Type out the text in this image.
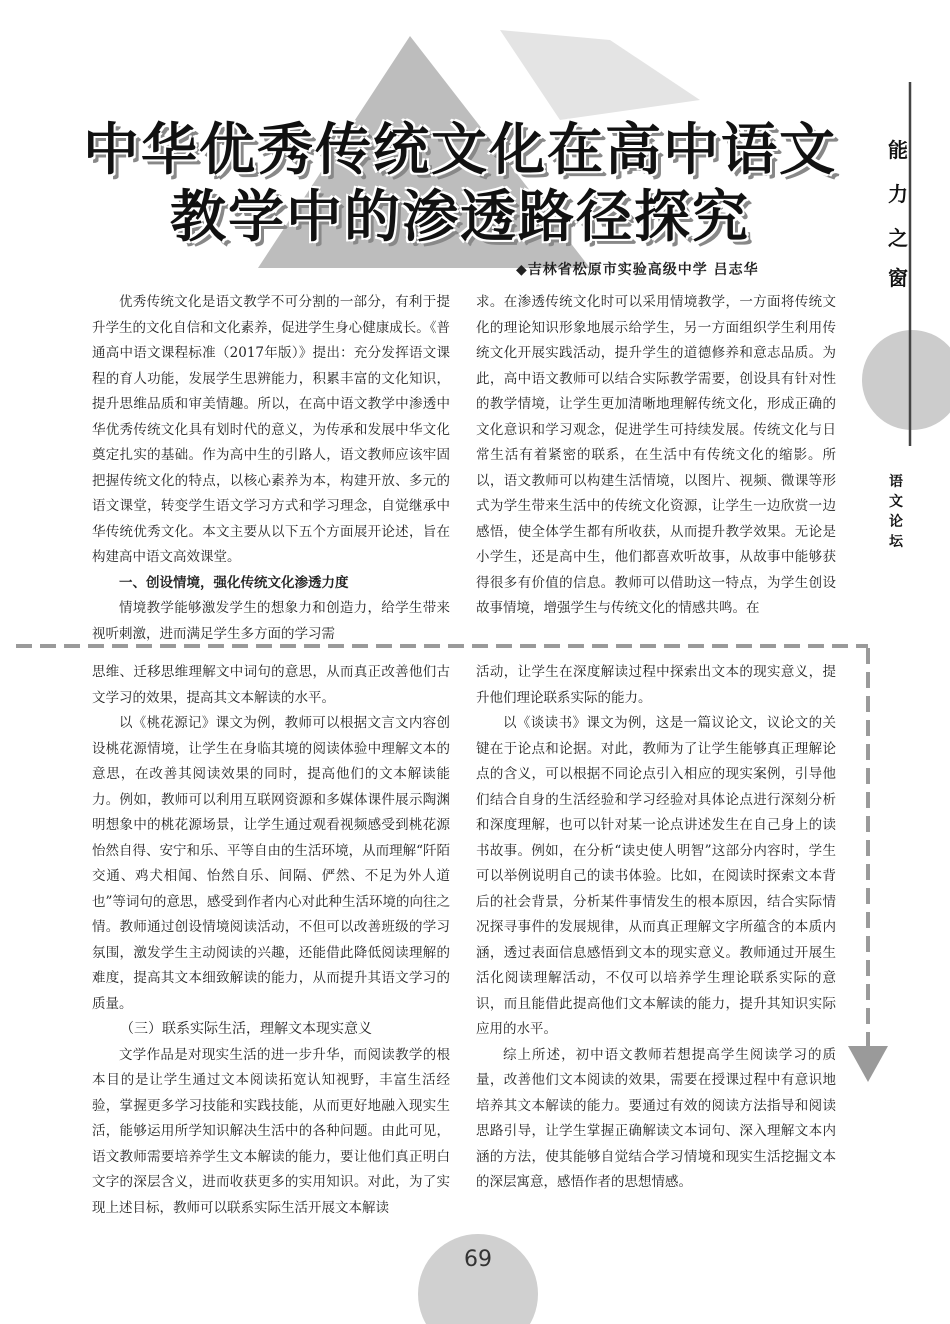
中华优秀传统文化在高中语文
教学中的渗透路径探究
◆吉林省松原市实验高级中学 吕志华
能
力
之
窗
语
文
论
坛

优秀传统文化是语文教学不可分割的一部分，有利于提升学生的文化自信和文化素养，促进学生身心健康成长。《普通高中语文课程标准（2017年版）》提出：充分发挥语文课程的育人功能，发展学生思辨能力，积累丰富的文化知识，提升思维品质和审美情趣。所以，在高中语文教学中渗透中华优秀传统文化具有划时代的意义，为传承和发展中华文化奠定扎实的基础。作为高中生的引路人，语文教师应该牢固把握传统文化的特点，以核心素养为本，构建开放、多元的语文课堂，转变学生语文学习方式和学习理念，自觉继承中华传统优秀文化。本文主要从以下五个方面展开论述，旨在构建高中语文高效课堂。

一、创设情境，强化传统文化渗透力度

情境教学能够激发学生的想象力和创造力，给学生带来视听刺激，进而满足学生多方面的学习需

求。在渗透传统文化时可以采用情境教学，一方面将传统文化的理论知识形象地展示给学生，另一方面组织学生利用传统文化开展实践活动，提升学生的道德修养和意志品质。为此，高中语文教师可以结合实际教学需要，创设具有针对性的教学情境，让学生更加清晰地理解传统文化，形成正确的文化意识和学习观念，促进学生可持续发展。传统文化与日常生活有着紧密的联系，在生活中有传统文化的缩影。所以，语文教师可以构建生活情境，以图片、视频、微课等形式为学生带来生活中的传统文化资源，让学生一边欣赏一边感悟，使全体学生都有所收获，从而提升教学效果。无论是小学生，还是高中生，他们都喜欢听故事，从故事中能够获得很多有价值的信息。教师可以借助这一特点，为学生创设故事情境，增强学生与传统文化的情感共鸣。在

思维、迁移思维理解文中词句的意思，从而真正改善他们古文学习的效果，提高其文本解读的水平。

以《桃花源记》课文为例，教师可以根据文言文内容创设桃花源情境，让学生在身临其境的阅读体验中理解文本的意思，在改善其阅读效果的同时，提高他们的文本解读能力。例如，教师可以利用互联网资源和多媒体课件展示陶渊明想象中的桃花源场景，让学生通过观看视频感受到桃花源怡然自得、安宁和乐、平等自由的生活环境，从而理解“阡陌交通、鸡犬相闻、怡然自乐、间隔、俨然、不足为外人道也”等词句的意思，感受到作者内心对此种生活环境的向往之情。教师通过创设情境阅读活动，不但可以改善班级的学习氛围，激发学生主动阅读的兴趣，还能借此降低阅读理解的难度，提高其文本细致解读的能力，从而提升其语文学习的质量。

（三）联系实际生活，理解文本现实意义

文学作品是对现实生活的进一步升华，而阅读教学的根本目的是让学生通过文本阅读拓宽认知视野，丰富生活经验，掌握更多学习技能和实践技能，从而更好地融入现实生活，能够运用所学知识解决生活中的各种问题。由此可见，语文教师需要培养学生文本解读的能力，要让他们真正明白文字的深层含义，进而收获更多的实用知识。对此，为了实现上述目标，教师可以联系实际生活开展文本解读

活动，让学生在深度解读过程中探索出文本的现实意义，提升他们理论联系实际的能力。

以《谈读书》课文为例，这是一篇议论文，议论文的关键在于论点和论据。对此，教师为了让学生能够真正理解论点的含义，可以根据不同论点引入相应的现实案例，引导他们结合自身的生活经验和学习经验对具体论点进行深刻分析和深度理解，也可以针对某一论点讲述发生在自己身上的读书故事。例如，在分析“读史使人明智”这部分内容时，学生可以举例说明自己的读书体验。比如，在阅读时探索文本背后的社会背景，分析某件事情发生的根本原因，结合实际情况探寻事件的发展规律，从而真正理解文字所蕴含的本质内涵，透过表面信息感悟到文本的现实意义。教师通过开展生活化阅读理解活动，不仅可以培养学生理论联系实际的意识，而且能借此提高他们文本解读的能力，提升其知识实际应用的水平。

综上所述，初中语文教师若想提高学生阅读学习的质量，改善他们文本阅读的效果，需要在授课过程中有意识地培养其文本解读的能力。要通过有效的阅读方法指导和阅读思路引导，让学生掌握正确解读文本词句、深入理解文本内涵的方法，使其能够自觉结合学习情境和现实生活挖掘文本的深层寓意，感悟作者的思想情感。

69
